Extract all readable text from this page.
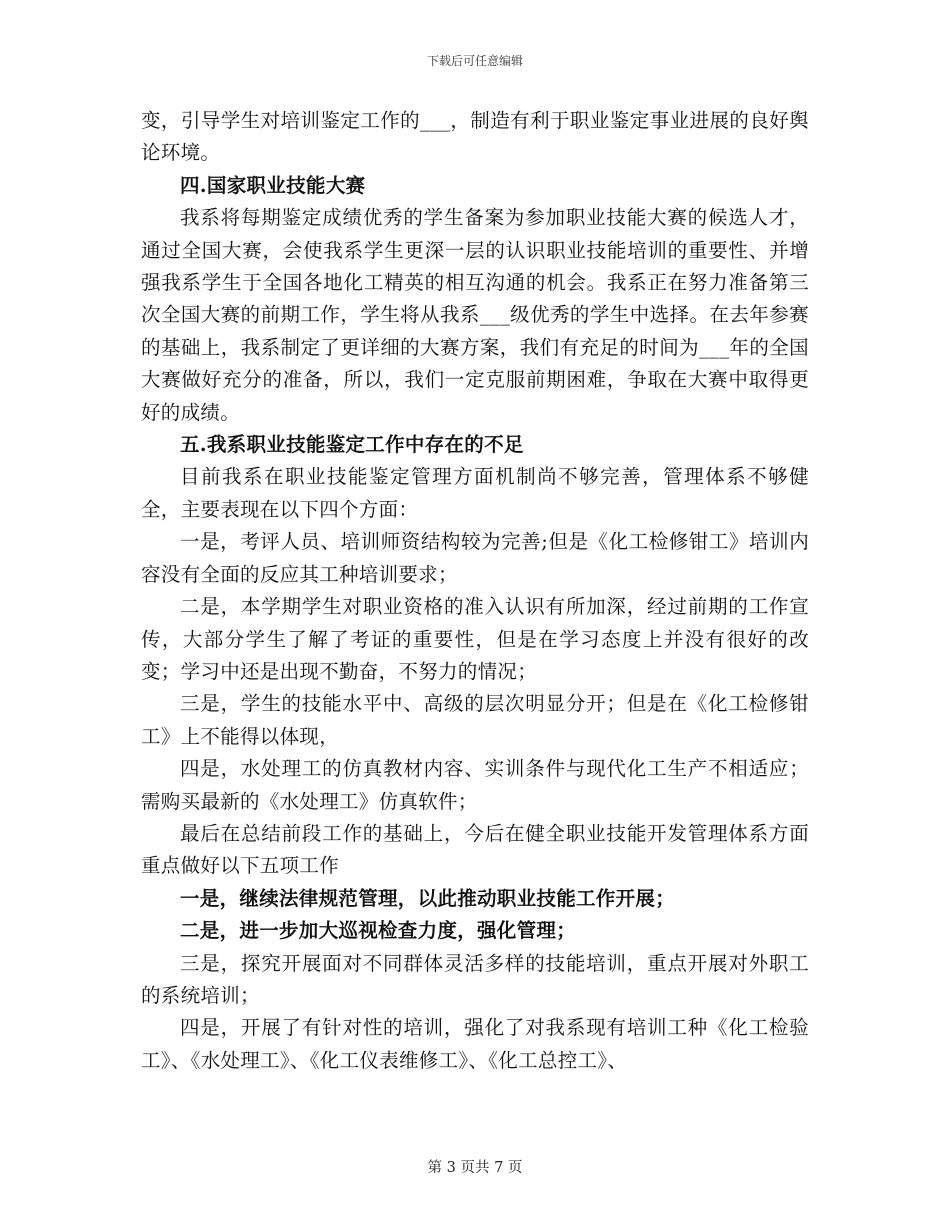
下载后可任意编辑

变，引导学生对培训鉴定工作的___，制造有利于职业鉴定事业进展的良好舆论环境。

四.国家职业技能大赛

我系将每期鉴定成绩优秀的学生备案为参加职业技能大赛的候选人才，通过全国大赛，会使我系学生更深一层的认识职业技能培训的重要性、并增强我系学生于全国各地化工精英的相互沟通的机会。我系正在努力准备第三次全国大赛的前期工作，学生将从我系___级优秀的学生中选择。在去年参赛的基础上，我系制定了更详细的大赛方案，我们有充足的时间为___年的全国大赛做好充分的准备，所以，我们一定克服前期困难，争取在大赛中取得更好的成绩。

五.我系职业技能鉴定工作中存在的不足

目前我系在职业技能鉴定管理方面机制尚不够完善，管理体系不够健全，主要表现在以下四个方面：

一是，考评人员、培训师资结构较为完善;但是《化工检修钳工》培训内容没有全面的反应其工种培训要求；

二是，本学期学生对职业资格的准入认识有所加深，经过前期的工作宣传，大部分学生了解了考证的重要性，但是在学习态度上并没有很好的改变；学习中还是出现不勤奋，不努力的情况；

三是，学生的技能水平中、高级的层次明显分开；但是在《化工检修钳工》上不能得以体现，

四是，水处理工的仿真教材内容、实训条件与现代化工生产不相适应；需购买最新的《水处理工》仿真软件；

最后在总结前段工作的基础上，今后在健全职业技能开发管理体系方面重点做好以下五项工作

一是，继续法律规范管理，以此推动职业技能工作开展；

二是，进一步加大巡视检查力度，强化管理；

三是，探究开展面对不同群体灵活多样的技能培训，重点开展对外职工的系统培训；

四是，开展了有针对性的培训，强化了对我系现有培训工种《化工检验工》、《水处理工》、《化工仪表维修工》、《化工总控工》、

第 3 页共 7 页
